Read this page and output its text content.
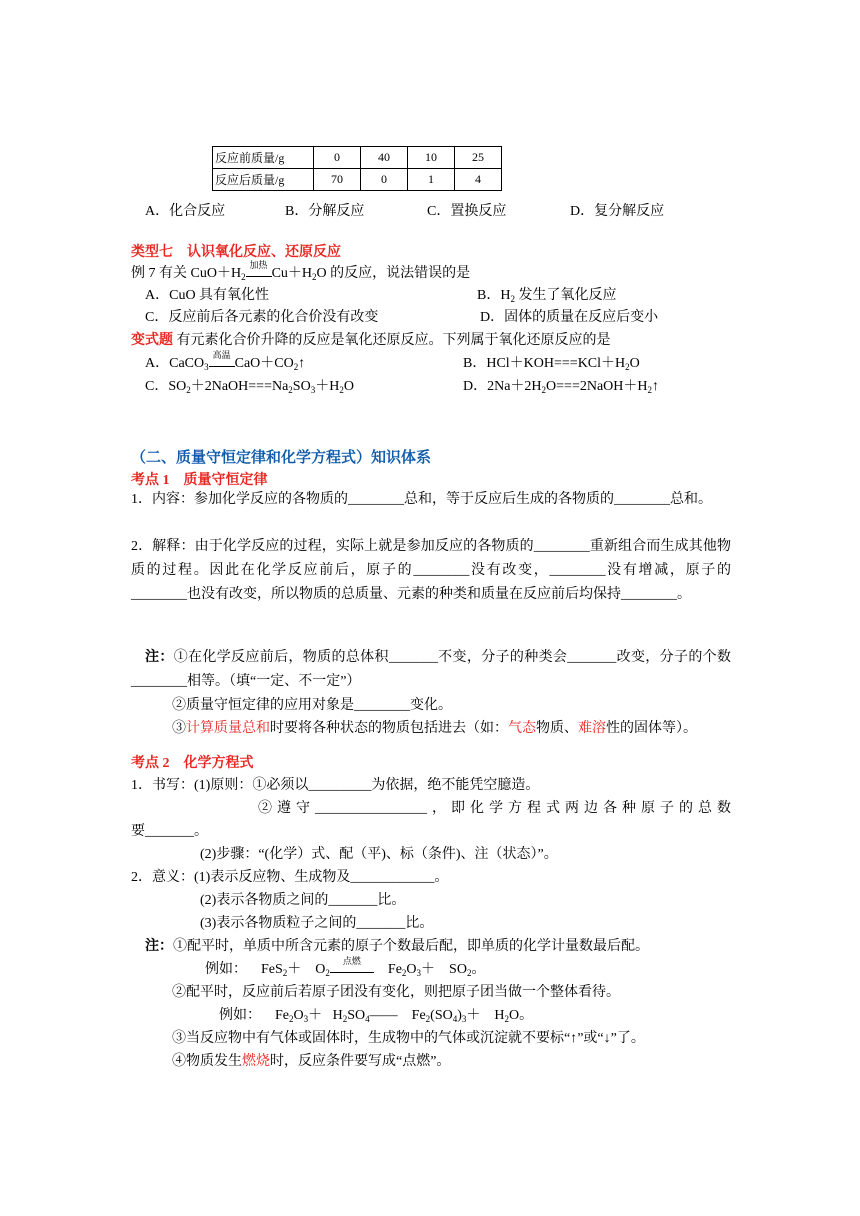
反应前质量/g	0	40	10	25
反应后质量/g	70	0	1	4
A．化合反应	B．分解反应	C．置换反应	D．复分解反应
类型七　认识氧化反应、还原反应
例 7 有关 $CuO+H_2$
加热
$Cu+H_2O$ 的反应，说法错误的是
A．CuO 具有氧化性	B．$H_2$ 发生了氧化反应
C．反应前后各元素的化合价没有改变	D．固体的质量在反应后变小
变式题 有元素化合价升降的反应是氧化还原反应。下列属于氧化还原反应的是
A．CaCO$_3$
高温
$CaO+CO_2↑$	B．$HCl+KOH===KCl+H_2O$
C．$SO_2+2NaOH===Na_2SO_3+H_2O$	D．$2Na+2H_2O===2NaOH+H_2↑$
（二、质量守恒定律和化学方程式）知识体系
考点 1　质量守恒定律
1．内容：参加化学反应的各物质的________总和，等于反应后生成的各物质的________总和。
2．解释：由于化学反应的过程，实际上就是参加反应的各物质的________重新组合而生成其他物质的过程。因此在化学反应前后，原子的________没有改变，________没有增减，原子的________也没有改变，所以物质的总质量、元素的种类和质量在反应前后均保持________。
注：①在化学反应前后，物质的总体积_______不变，分子的种类会_______改变，分子的个数________相等。（填“一定、不一定”）
②质量守恒定律的应用对象是________变化。
③计算质量总和时要将各种状态的物质包括进去（如：气态物质、难溶性的固体等）。
考点 2　化学方程式
1．书写：(1)原则：①必须以_________为依据，绝不能凭空臆造。
②遵守________________，即化学方程式两边各种原子的总数
要_______。
(2)步骤：“(化学）式、配（平)、标（条件)、注（状态）”。
2．意义：(1)表示反应物、生成物及____________。
(2)表示各物质之间的_______比。
(3)表示各物质粒子之间的_______比。
注：①配平时，单质中所含元素的原子个数最后配，即单质的化学计量数最后配。
例如： FeS$_2$＋    $O_2$
点燃
$Fe_2O_3+$    $SO_2$。
②配平时，反应前后若原子团没有变化，则把原子团当做一个整体看待。
例如： $Fe_2O_3+$   $H_2SO_4——$    $Fe_2(SO_4)_3+$    $H_2O$。
③当反应物中有气体或固体时，生成物中的气体或沉淀就不要标“↑”或“↓”了。
④物质发生燃烧时，反应条件要写成“点燃”。
